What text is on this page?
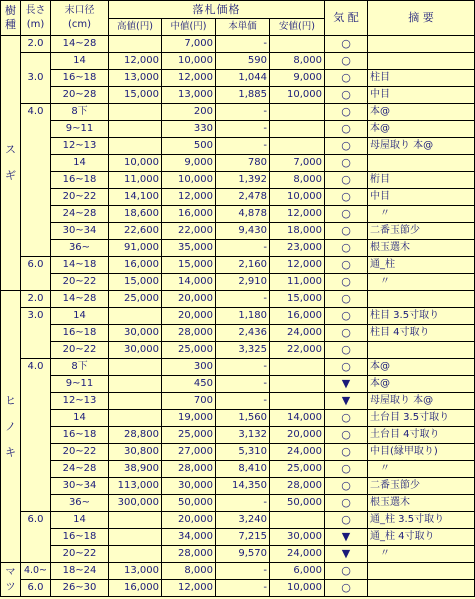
樹
種	長さ
(m)	末口径
(cm)	落札価格				気 配	摘 要
			高値(円)	中値(円)	本単価	安値(円)		
ス

ギ	2.0	14~28		7,000	-		○	
	3.0	14	12,000	10,000	590	8,000	○	
		16~18	13,000	12,000	1,044	9,000	○	柱目
		20~28	15,000	13,000	1,885	10,000	○	中目
	4.0	8下		200	-		○	本@
		9~11		330	-		○	本@
		12~13		500	-		○	母屋取り 本@
		14	10,000	9,000	780	7,000	○	
		16~18	11,000	10,000	1,392	8,000	○	桁目
		20~22	14,100	12,000	2,478	10,000	○	中目
		24~28	18,600	16,000	4,878	12,000	○	〃
		30~34	22,600	22,000	9,430	18,000	○	二番玉節少
		36~	91,000	35,000	-	23,000	○	根玉選木
	6.0	14~18	16,000	15,000	2,160	12,000	○	通_柱
		20~22	15,000	14,000	2,910	11,000	○	〃
ヒ

ノ

キ	2.0	14~28	25,000	20,000	-	15,000	○	
	3.0	14		20,000	1,180	16,000	○	柱目 3.5寸取り
		16~18	30,000	28,000	2,436	24,000	○	柱目 4寸取り
		20~22	30,000	25,000	3,325	22,000	○	
	4.0	8下		300	-		○	本@
		9~11		450	-		▼	本@
		12~13		700	-		▼	母屋取り 本@
		14		19,000	1,560	14,000	○	土台目 3.5寸取り
		16~18	28,800	25,000	3,132	20,000	○	土台目 4寸取り
		20~22	30,800	27,000	5,310	24,000	○	中目(縁甲取り)
		24~28	38,900	28,000	8,410	25,000	○	〃
		30~34	113,000	30,000	14,350	28,000	○	二番玉節少
		36~	300,000	50,000	-	50,000	○	根玉選木
	6.0	14		20,000	3,240		○	通_柱 3.5寸取り
		16~18		34,000	7,215	30,000	▼	通_柱 4寸取り
		20~22		28,000	9,570	24,000	▼	〃
マ
ツ	4.0~	18~24	13,000	8,000	-	6,000	○	
	6.0	26~30	16,000	12,000	-	10,000	○	
